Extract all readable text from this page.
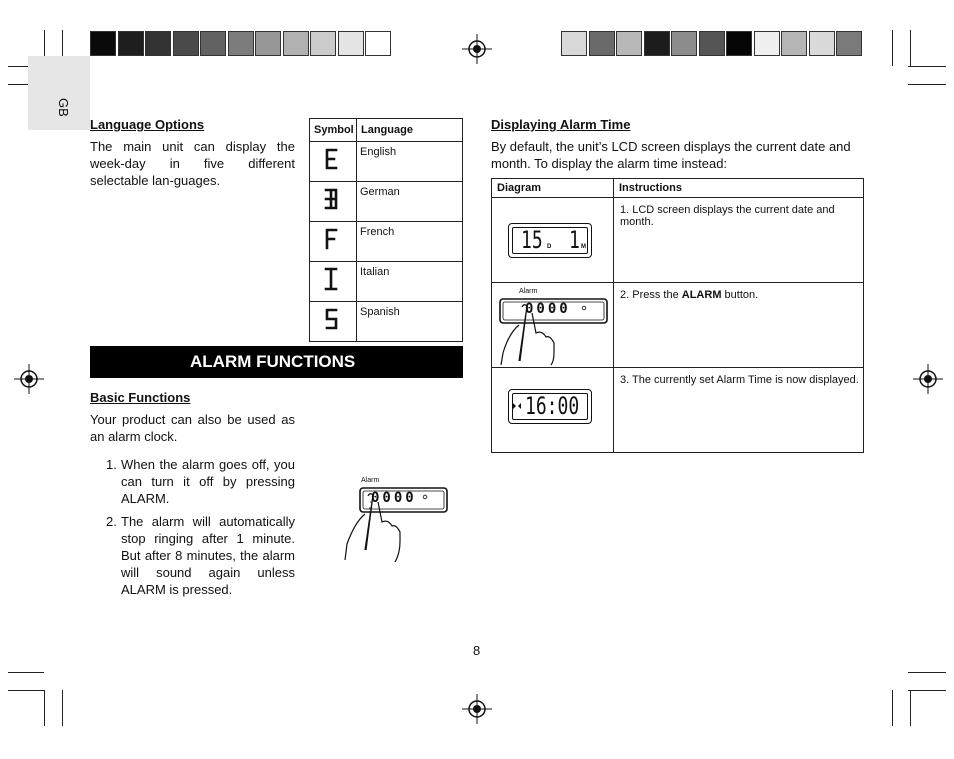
GB
Language Options
The main unit can display the week-day in five different selectable lan-guages.
Symbol	Language
	English
	German
	French
	Italian
	Spanish
ALARM FUNCTIONS
Basic Functions
Your product can also be used as an alarm clock.
1. When the alarm goes off, you can turn it off by pressing ALARM.
2. The alarm will automatically stop ringing after 1 minute. But after 8 minutes, the alarm will sound again unless ALARM is pressed.
Alarm
0000
Displaying Alarm Time
By default, the unit’s LCD screen displays the current date and month. To display the alarm time instead:
Diagram	Instructions

15 D 1 M	1. LCD screen displays the current date and month.

Alarm
0000	2. Press the ALARM button.

16:00	3. The currently set Alarm Time is now displayed.
8
